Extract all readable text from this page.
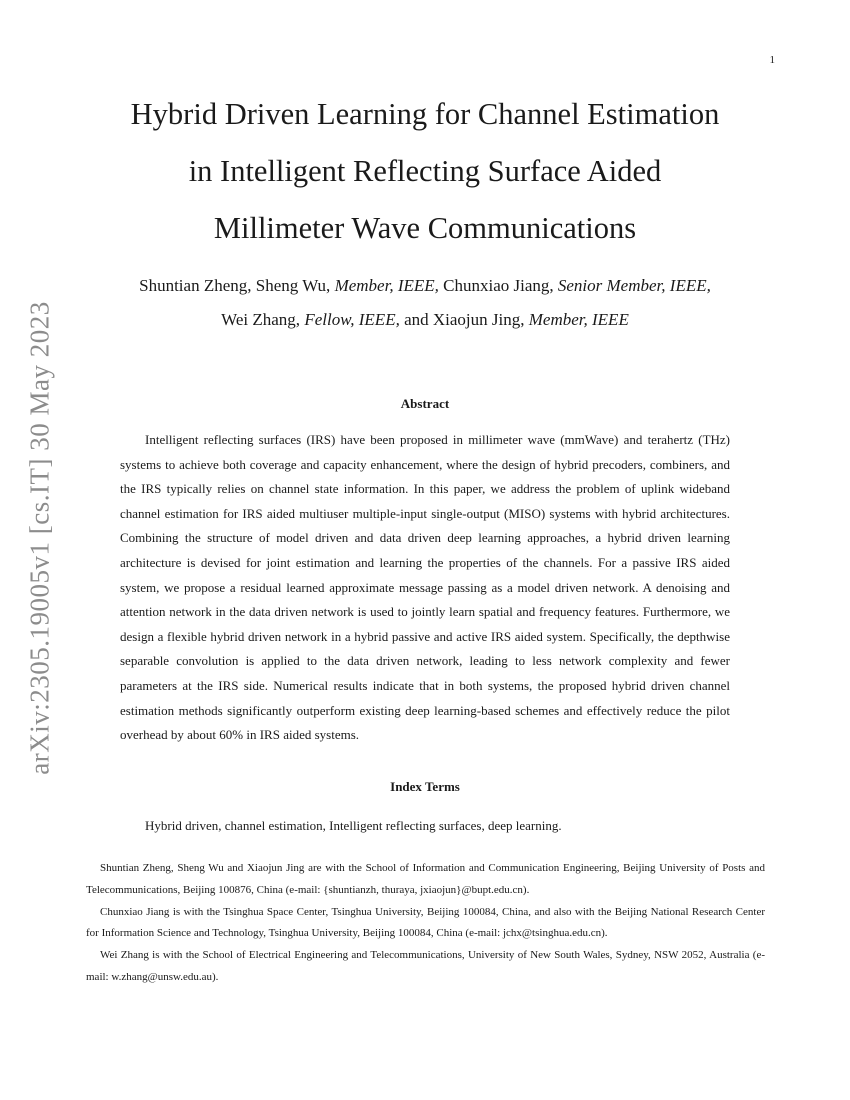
1
arXiv:2305.19005v1 [cs.IT] 30 May 2023
Hybrid Driven Learning for Channel Estimation
in Intelligent Reflecting Surface Aided
Millimeter Wave Communications
Shuntian Zheng, Sheng Wu, Member, IEEE, Chunxiao Jiang, Senior Member, IEEE,
Wei Zhang, Fellow, IEEE, and Xiaojun Jing, Member, IEEE
Abstract

Intelligent reflecting surfaces (IRS) have been proposed in millimeter wave (mmWave) and terahertz (THz) systems to achieve both coverage and capacity enhancement, where the design of hybrid precoders, combiners, and the IRS typically relies on channel state information. In this paper, we address the problem of uplink wideband channel estimation for IRS aided multiuser multiple-input single-output (MISO) systems with hybrid architectures. Combining the structure of model driven and data driven deep learning approaches, a hybrid driven learning architecture is devised for joint estimation and learning the properties of the channels. For a passive IRS aided system, we propose a residual learned approximate message passing as a model driven network. A denoising and attention network in the data driven network is used to jointly learn spatial and frequency features. Furthermore, we design a flexible hybrid driven network in a hybrid passive and active IRS aided system. Specifically, the depthwise separable convolution is applied to the data driven network, leading to less network complexity and fewer parameters at the IRS side. Numerical results indicate that in both systems, the proposed hybrid driven channel estimation methods significantly outperform existing deep learning-based schemes and effectively reduce the pilot overhead by about 60% in IRS aided systems.

Index Terms

Hybrid driven, channel estimation, Intelligent reflecting surfaces, deep learning.

Shuntian Zheng, Sheng Wu and Xiaojun Jing are with the School of Information and Communication Engineering, Beijing University of Posts and Telecommunications, Beijing 100876, China (e-mail: {shuntianzh, thuraya, jxiaojun}@bupt.edu.cn).

Chunxiao Jiang is with the Tsinghua Space Center, Tsinghua University, Beijing 100084, China, and also with the Beijing National Research Center for Information Science and Technology, Tsinghua University, Beijing 100084, China (e-mail: jchx@tsinghua.edu.cn).

Wei Zhang is with the School of Electrical Engineering and Telecommunications, University of New South Wales, Sydney, NSW 2052, Australia (e-mail: w.zhang@unsw.edu.au).
